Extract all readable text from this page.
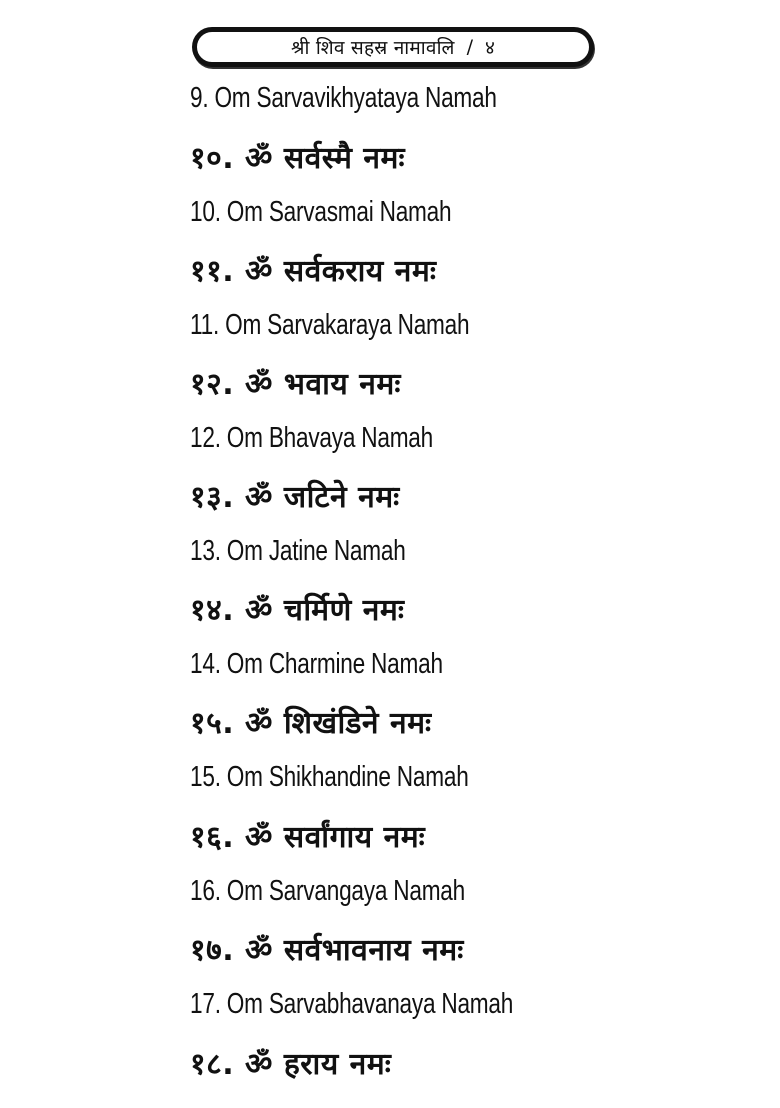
श्री शिव सहस्र नामावलि / ४
9. Om Sarvavikhyataya Namah
१०. ॐ सर्वस्मै नमः
10. Om Sarvasmai Namah
११. ॐ सर्वकराय नमः
11. Om Sarvakaraya Namah
१२. ॐ भवाय नमः
12. Om Bhavaya Namah
१३. ॐ जटिने नमः
13. Om Jatine Namah
१४. ॐ चर्मिणे नमः
14. Om Charmine Namah
१५. ॐ शिखंडिने नमः
15. Om Shikhandine Namah
१६. ॐ सर्वांगाय नमः
16. Om Sarvangaya Namah
१७. ॐ सर्वभावनाय नमः
17. Om Sarvabhavanaya Namah
१८. ॐ हराय नमः
